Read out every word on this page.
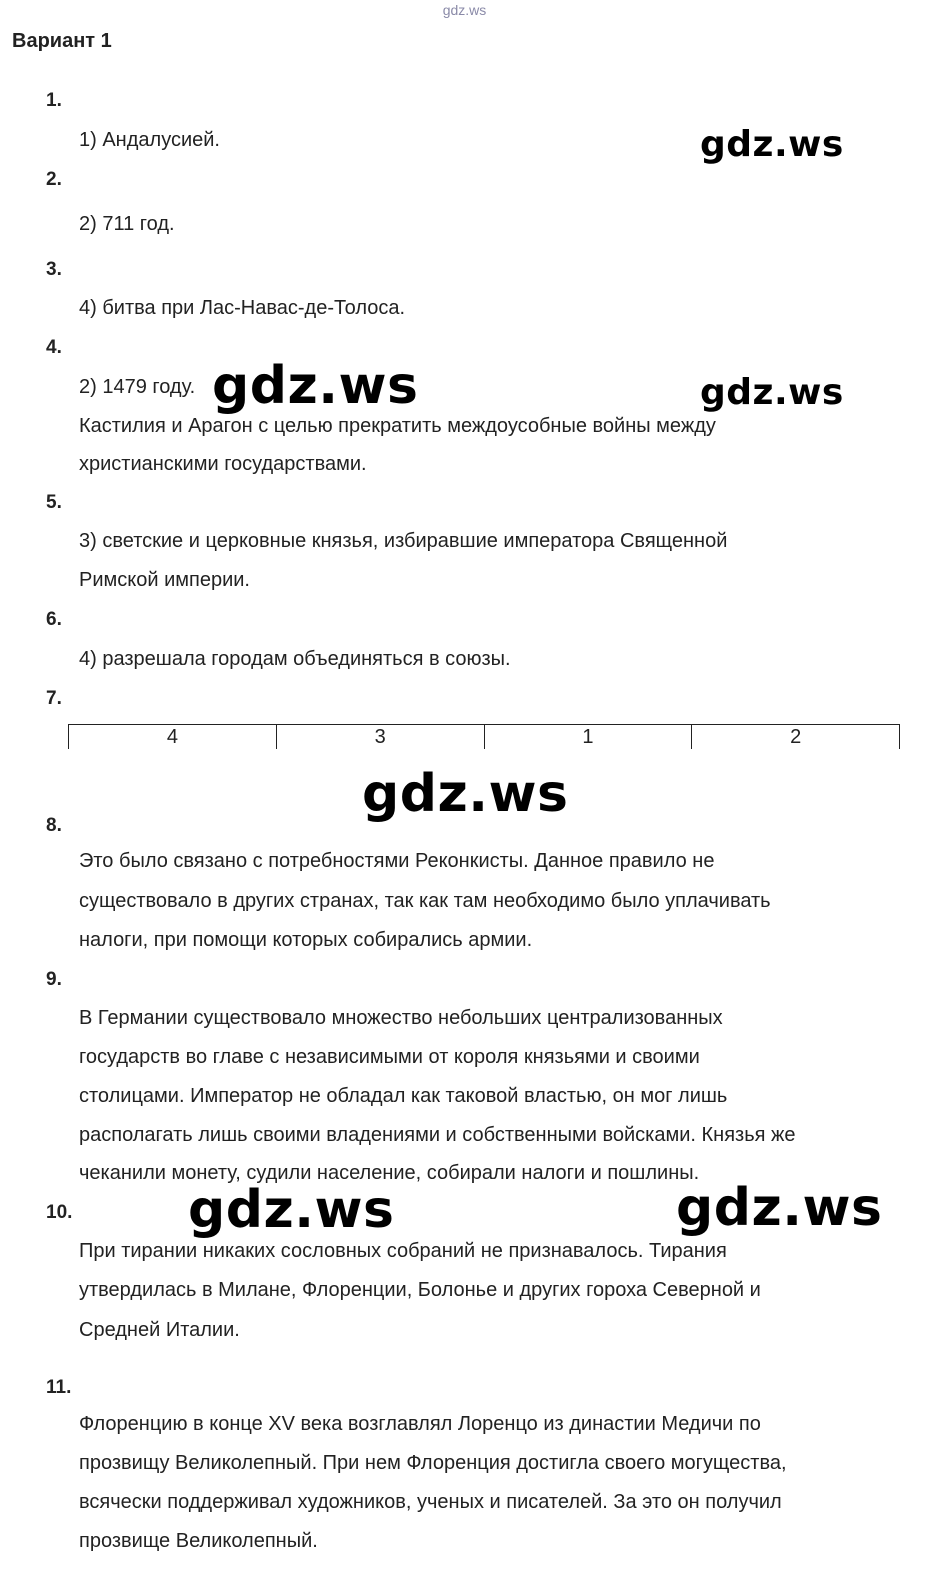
gdz.ws
Вариант 1
1.
1) Андалусией.
2.
2) 711 год.
3.
4) битва при Лас-Навас-де-Толоса.
4.
2) 1479 году.
Кастилия и Арагон с целью прекратить междоусобные войны между
христианскими государствами.
5.
3) светские и церковные князья, избиравшие императора Священной
Римской империи.
6.
4) разрешала городам объединяться в союзы.
7.
4	3	1	2
8.
Это было связано с потребностями Реконкисты. Данное правило не
существовало в других странах, так как там необходимо было уплачивать
налоги, при помощи которых собирались армии.
9.
В Германии существовало множество небольших централизованных
государств во главе с независимыми от короля князьями и своими
столицами. Император не обладал как таковой властью, он мог лишь
располагать лишь своими владениями и собственными войсками. Князья же
чеканили монету, судили население, собирали налоги и пошлины.
10.
При тирании никаких сословных собраний не признавалось. Тирания
утвердилась в Милане, Флоренции, Болонье и других гороха Северной и
Средней Италии.
11.
Флоренцию в конце XV века возглавлял Лоренцо из династии Медичи по
прозвищу Великолепный. При нем Флоренция достигла своего могущества,
всячески поддерживал художников, ученых и писателей. За это он получил
прозвище Великолепный.
gdz.ws
gdz.ws	gdz.ws
gdz.ws
gdz.ws	gdz.ws
